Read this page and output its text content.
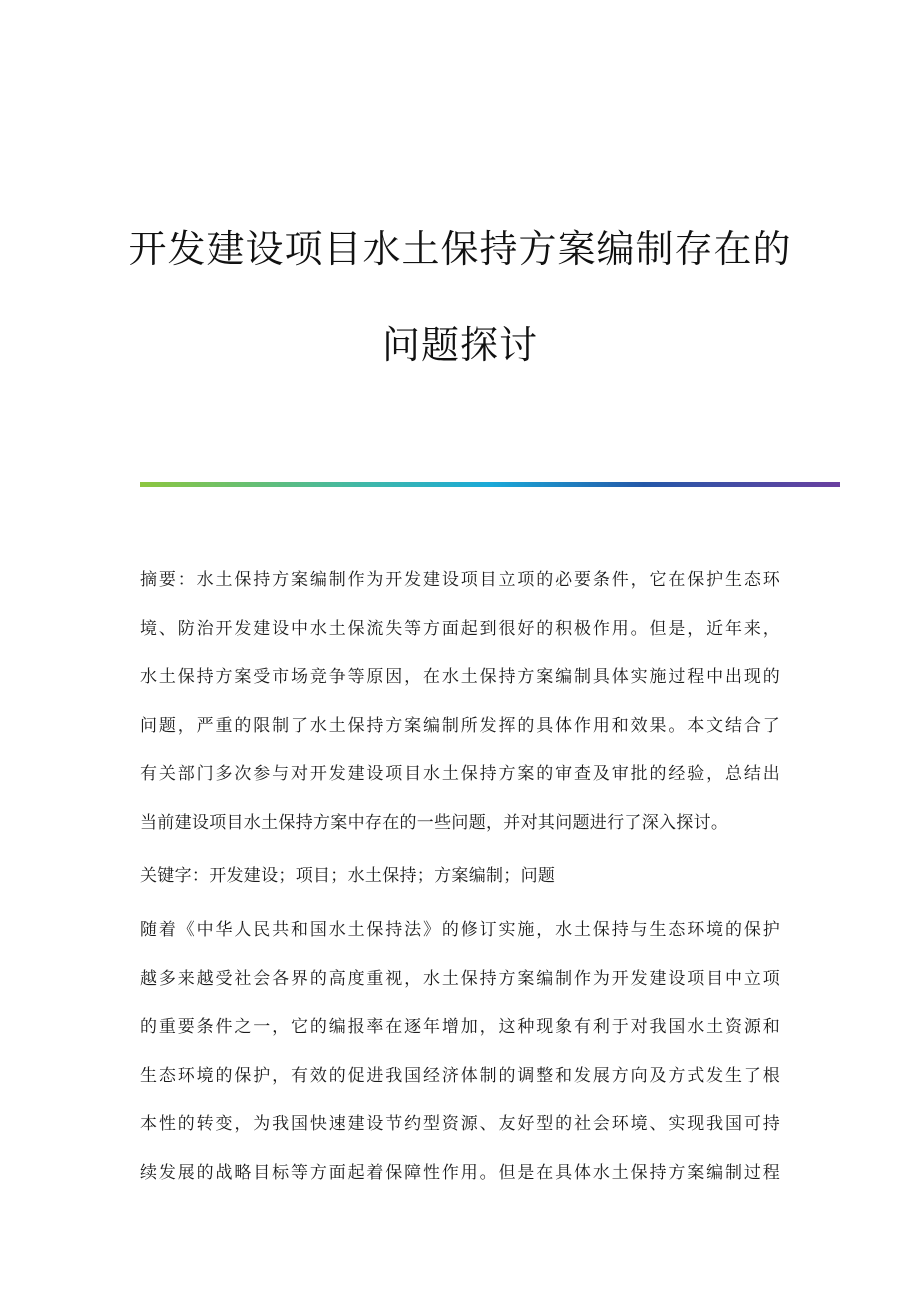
开发建设项目水土保持方案编制存在的
问题探讨
摘要：水土保持方案编制作为开发建设项目立项的必要条件，它在保护生态环
境、防治开发建设中水土保流失等方面起到很好的积极作用。但是，近年来，
水土保持方案受市场竞争等原因，在水土保持方案编制具体实施过程中出现的
问题，严重的限制了水土保持方案编制所发挥的具体作用和效果。本文结合了
有关部门多次参与对开发建设项目水土保持方案的审查及审批的经验，总结出
当前建设项目水土保持方案中存在的一些问题，并对其问题进行了深入探讨。
关键字：开发建设；项目；水土保持；方案编制；问题
随着《中华人民共和国水土保持法》的修订实施，水土保持与生态环境的保护
越多来越受社会各界的高度重视，水土保持方案编制作为开发建设项目中立项
的重要条件之一，它的编报率在逐年增加，这种现象有利于对我国水土资源和
生态环境的保护，有效的促进我国经济体制的调整和发展方向及方式发生了根
本性的转变，为我国快速建设节约型资源、友好型的社会环境、实现我国可持
续发展的战略目标等方面起着保障性作用。但是在具体水土保持方案编制过程
